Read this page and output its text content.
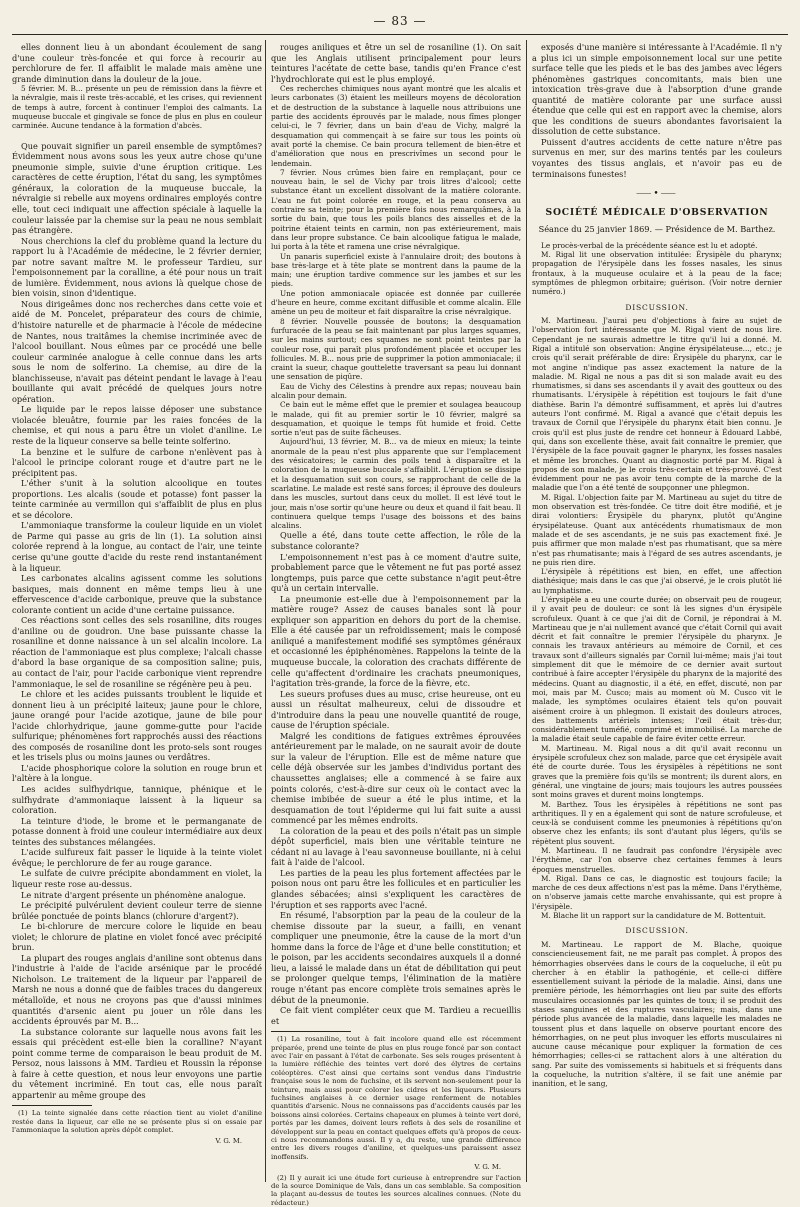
— 83 —

elles donnent lieu à un abondant écoulement de sang d'une couleur très-foncée et qui force à recourir au perchlorure de fer. Il affaiblit le malade mais amène une grande diminution dans la douleur de la joue.

5 février. M. B... présente un peu de rémission dans la fièvre et la névralgie, mais il reste très-accablé, et les crises, qui reviennent de temps à autre, forcent à continuer l'emploi des calmants. La muqueuse buccale et gingivale se fonce de plus en plus en couleur carminée. Aucune tendance à la formation d'abcès.

Que pouvait signifier un pareil ensemble de symptômes? Évidemment nous avons sous les yeux autre chose qu'une pneumonie simple, suivie d'une éruption critique. Les caractères de cette éruption, l'état du sang, les symptômes généraux, la coloration de la muqueuse buccale, la névralgie si rebelle aux moyens ordinaires employés contre elle, tout ceci indiquait une affection spéciale à laquelle la couleur laissée par la chemise sur la peau ne nous semblait pas étrangère.

Nous cherchions la clef du problème quand la lecture du rapport lu à l'Académie de médecine, le 2 février dernier, par notre savant maître M. le professeur Tardieu, sur l'empoisonnement par la coralline, a été pour nous un trait de lumière. Évidemment, nous avions là quelque chose de bien voisin, sinon d'identique.

Nous dirigeâmes donc nos recherches dans cette voie et aidé de M. Poncelet, préparateur des cours de chimie, d'histoire naturelle et de pharmacie à l'école de médecine de Nantes, nous traitâmes la chemise incriminée avec de l'alcool bouillant. Nous eûmes par ce procédé une belle couleur carminée analogue à celle connue dans les arts sous le nom de solferino. La chemise, au dire de la blanchisseuse, n'avait pas déteint pendant le lavage à l'eau bouillante qui avait précédé de quelques jours notre opération.

Le liquide par le repos laisse déposer une substance violacée bleuâtre, fournie par les raies foncées de la chemise, et qui nous a paru être un violet d'aniline. Le reste de la liqueur conserve sa belle teinte solferino.

La benzine et le sulfure de carbone n'enlèvent pas à l'alcool le principe colorant rouge et d'autre part ne le précipitent pas.

L'éther s'unit à la solution alcoolique en toutes proportions. Les alcalis (soude et potasse) font passer la teinte carminée au vermillon qui s'affaiblit de plus en plus et se décolore.

L'ammoniaque transforme la couleur liquide en un violet de Parme qui passe au gris de lin (1). La solution ainsi colorée reprend à la longue, au contact de l'air, une teinte cerise qu'une goutte d'acide du reste rend instantanément à la liqueur.

Les carbonates alcalins agissent comme les solutions basiques, mais donnent en même temps lieu à une effervescence d'acide carbonique, preuve que la substance colorante contient un acide d'une certaine puissance.

Ces réactions sont celles des sels rosaniline, dits rouges d'aniline ou de goudron. Une base puissante chasse la rosaniline et donne naissance à un sel alcalin incolore. La réaction de l'ammoniaque est plus complexe; l'alcali chasse d'abord la base organique de sa composition saline; puis, au contact de l'air, pour l'acide carbonique vient reprendre l'ammoniaque, le sel de rosaniline se régénère peu à peu.

Le chlore et les acides puissants troublent le liquide et donnent lieu à un précipité laiteux; jaune pour le chlore, jaune orangé pour l'acide azotique, jaune de bile pour l'acide chlorhydrique, jaune gomme-gutte pour l'acide sulfurique; phénomènes fort rapprochés aussi des réactions des composés de rosaniline dont les proto-sels sont rouges et les trisels plus ou moins jaunes ou verdâtres.

L'acide phosphorique colore la solution en rouge brun et l'altère à la longue.

Les acides sulfhydrique, tannique, phénique et le sulfhydrate d'ammoniaque laissent à la liqueur sa coloration.

La teinture d'iode, le brome et le permanganate de potasse donnent à froid une couleur intermédiaire aux deux teintes des substances mélangées.

L'acide sulfureux fait passer le liquide à la teinte violet évêque; le perchlorure de fer au rouge garance.

Le sulfate de cuivre précipite abondamment en violet, la liqueur reste rose au-dessus.

Le nitrate d'argent présente un phénomène analogue.

Le précipité pulvérulent devient couleur terre de sienne brûlée ponctuée de points blancs (chlorure d'argent?).

Le bi-chlorure de mercure colore le liquide en beau violet; le chlorure de platine en violet foncé avec précipité brun.

La plupart des rouges anglais d'aniline sont obtenus dans l'industrie à l'aide de l'acide arsénique par le procédé Nicholson. Le traitement de la liqueur par l'appareil de Marsh ne nous a donné que de faibles traces du dangereux métalloïde, et nous ne croyons pas que d'aussi minimes quantités d'arsenic aient pu jouer un rôle dans les accidents éprouvés par M. B...

La substance colorante sur laquelle nous avons fait les essais qui précèdent est-elle bien la coralline? N'ayant point comme terme de comparaison le beau produit de M. Persoz, nous laissons à MM. Tardieu et Roussin la réponse à faire à cette question, et nous leur envoyons une partie du vêtement incriminé. En tout cas, elle nous paraît appartenir au même groupe des

(1) La teinte signalée dans cette réaction tient au violet d'aniline restée dans la liqueur, car elle ne se présente plus si on essaie par l'ammoniaque la solution après dépôt complet.

V. G. M.

rouges aniliques et être un sel de rosaniline (1). On sait que les Anglais utilisent principalement pour leurs teintures l'acétate de cette base, tandis qu'en France c'est l'hydrochlorate qui est le plus employé.

Ces recherches chimiques nous ayant montré que les alcalis et leurs carbonates (3) étaient les meilleurs moyens de décoloration et de destruction de la substance à laquelle nous attribuions une partie des accidents éprouvés par le malade, nous fîmes plonger celui-ci, le 7 février, dans un bain d'eau de Vichy, malgré la desquamation qui commençait à se faire sur tous les points où avait porté la chemise. Ce bain procura tellement de bien-être et d'amélioration que nous en prescrivîmes un second pour le lendemain.

7 février. Nous crûmes bien faire en remplaçant, pour ce nouveau bain, le sel de Vichy par trois litres d'alcool; cette substance étant un excellent dissolvant de la matière colorante. L'eau ne fut point colorée en rouge, et la peau conserva au contraire sa teinte; pour la première fois nous remarquâmes, à la sortie du bain, que tous les poils blancs des aisselles et de la poitrine étaient teints en carmin, non pas extérieurement, mais dans leur propre substance. Ce bain alcoolique fatigua le malade, lui porta à la tête et ramena une crise névralgique.

Un panaris superficiel existe à l'annulaire droit; des boutons à base très-large et à tête plate se montrent dans la paume de la main; une éruption tardive commence sur les jambes et sur les pieds.

Une potion ammoniacale opiacée est donnée par cuillerée d'heure en heure, comme excitant diffusible et comme alcalin. Elle amène un peu de moiteur et fait disparaître la crise névralgique.

8 février. Nouvelle poussée de boutons; la desquamation furfuracée de la peau se fait maintenant par plus larges squames, sur les mains surtout; ces squames ne sont point teintes par la couleur rose, qui paraît plus profondément placée et occuper les follicules. M. B... nous prie de supprimer la potion ammoniacale; il craint la sueur, chaque gouttelette traversant sa peau lui donnant une sensation de piqûre.

Eau de Vichy des Célestins à prendre aux repas; nouveau bain alcalin pour demain.

Ce bain eut le même effet que le premier et soulagea beaucoup le malade, qui fit au premier sortir le 10 février, malgré sa desquamation, et quoique le temps fût humide et froid. Cette sortie n'eut pas de suite fâcheuses.

Aujourd'hui, 13 février, M. B... va de mieux en mieux; la teinte anormale de la peau n'est plus apparente que sur l'emplacement des vésicatoires; le carmin des poils tend à disparaître et la coloration de la muqueuse buccale s'affaiblit. L'éruption se dissipe et la desquamation suit son cours, se rapprochant de celle de la scarlatine. Le malade est resté sans forces; il éprouve des douleurs dans les muscles, surtout dans ceux du mollet. Il est lévé tout le jour, mais n'ose sortir qu'une heure ou deux et quand il fait beau. Il continuera quelque temps l'usage des boissons et des bains alcalins.

Quelle a été, dans toute cette affection, le rôle de la substance colorante?

L'empoisonnement n'est pas à ce moment d'autre suite, probablement parce que le vêtement ne fut pas porté assez longtemps, puis parce que cette substance n'agit peut-être qu'à un certain intervalle.

La pneumonie est-elle due à l'empoisonnement par la matière rouge? Assez de causes banales sont là pour expliquer son apparition en dehors du port de la chemise. Elle a été causée par un refroidissement; mais le composé aniliqué a manifestement modifié ses symptômes généraux et occasionné les épiphénomènes. Rappelons la teinte de la muqueuse buccale, la coloration des crachats différente de celle qu'affectent d'ordinaire les crachats pneumoniques, l'agitation très-grande, la force de la fièvre, etc.

Les sueurs profuses dues au musc, crise heureuse, ont eu aussi un résultat malheureux, celui de dissoudre et d'introduire dans la peau une nouvelle quantité de rouge, cause de l'éruption spéciale.

Malgré les conditions de fatigues extrêmes éprouvées antérieurement par le malade, on ne saurait avoir de doute sur la valeur de l'éruption. Elle est de même nature que celle déjà observée sur les jambes d'individus portant des chaussettes anglaises; elle a commencé à se faire aux points colorés, c'est-à-dire sur ceux où le contact avec la chemise imbibée de sueur a été le plus intime, et la desquamation de tout l'épiderme qui lui fait suite a aussi commencé par les mêmes endroits.

La coloration de la peau et des poils n'était pas un simple dépôt superficiel, mais bien une véritable teinture ne cédant ni au lavage à l'eau savonneuse bouillante, ni à celui fait à l'aide de l'alcool.

Les parties de la peau les plus fortement affectées par le poison nous ont paru être les follicules et en particulier les glandes sébacées; ainsi s'expliquent les caractères de l'éruption et ses rapports avec l'acné.

En résumé, l'absorption par la peau de la couleur de la chemise dissoute par la sueur, a failli, en venant compliquer une pneumonie, être la cause de la mort d'un homme dans la force de l'âge et d'une belle constitution; et le poison, par les accidents secondaires auxquels il a donné lieu, a laissé le malade dans un état de débilitation qui peut se prolonger quelque temps, l'élimination de la matière rouge n'étant pas encore complète trois semaines après le début de la pneumonie.

Ce fait vient compléter ceux que M. Tardieu a recueillis et

(1) La rosaniline, tout à fait incolore quand elle est récemment préparée, prend une teinte de plus en plus rouge foncé par son contact avec l'air en passant à l'état de carbonate. Ses sels rouges présentent à la lumière réfléchie des teintes vert doré des élytres de certains coléoptères. C'est ainsi que certains sont vendus dans l'industrie française sous le nom de fuchsine, et ils servent non-seulement pour la teinture, mais aussi pour colorer les cidres et les liqueurs. Plusieurs fuchsines anglaises à ce dernier usage renferment de notables quantités d'arsenic. Nous ne connaissons pas d'accidents causés par les boissons ainsi colorées. Certains chapeaux en plumes à teinte vert doré, portés par les dames, doivent leurs reflets à des sels de rosaniline et développent sur la peau en contact quelques effets qu'à propos de ceux-ci nous recommandons aussi. Il y a, du reste, une grande différence entre les divers rouges d'aniline, et quelques-uns paraissent assez inoffensifs.

V. G. M.

(2) Il y aurait ici une étude fort curieuse à entreprendre sur l'action de la source Dominique de Vals, dans un cas semblable. Sa composition la plaçant au-dessus de toutes les sources alcalines connues. (Note du rédacteur.)

exposés d'une manière si intéressante à l'Académie. Il n'y a plus ici un simple empoisonnement local sur une petite surface telle que les pieds et le bas des jambes avec légers phénomènes gastriques concomitants, mais bien une intoxication très-grave due à l'absorption d'une grande quantité de matière colorante par une surface aussi étendue que celle qui est en rapport avec la chemise, alors que les conditions de sueurs abondantes favorisaient la dissolution de cette substance.

Puissent d'autres accidents de cette nature n'être pas survenus en mer, sur des marins tentés par les couleurs voyantes des tissus anglais, et n'avoir pas eu de terminaisons funestes!

⸺•⸺
SOCIÉTÉ MÉDICALE D'OBSERVATION
Séance du 25 janvier 1869. — Présidence de M. Barthez.

Le procès-verbal de la précédente séance est lu et adopté.

M. Rigal lit une observation intitulée: Érysipèle du pharynx; propagation de l'érysipèle dans les fosses nasales, les sinus frontaux, à la muqueuse oculaire et à la peau de la face; symptômes de phlegmon orbitaire; guérison. (Voir notre dernier numéro.)

DISCUSSION.

M. Martineau. J'aurai peu d'objections à faire au sujet de l'observation fort intéressante que M. Rigal vient de nous lire. Cependant je ne saurais admettre le titre qu'il lui a donné. M. Rigal a intitulé son observation: Angine érysipélateuse..., etc.; je crois qu'il serait préférable de dire: Érysipèle du pharynx, car le mot angine n'indique pas assez exactement la nature de la maladie. M. Rigal ne nous a pas dit si son malade avait eu des rhumatismes, si dans ses ascendants il y avait des goutteux ou des rhumatisants. L'érysipèle à répétition est toujours le fait d'une diathèse. Barin l'a démontré suffisamment, et après lui d'autres auteurs l'ont confirmé. M. Rigal a avancé que c'était depuis les travaux de Cornil que l'érysipèle du pharynx était bien connu. Je crois qu'il est plus juste de rendre cet honneur à Édouard Labbé, qui, dans son excellente thèse, avait fait connaître le premier, que l'érysipèle de la face pouvait gagner le pharynx, les fosses nasales et même les bronches. Quant au diagnostic porté par M. Rigal à propos de son malade, je le crois très-certain et très-prouvé. C'est évidemment pour ne pas avoir tenu compte de la marche de la maladie que l'on a été tenté de soupçonner une phlegmon.

M. Rigal. L'objection faite par M. Martineau au sujet du titre de mon observation est très-fondée. Ce titre doit être modifié, et je dirai volontiers: Érysipèle du pharynx, plutôt qu'Angine érysipélateuse. Quant aux antécédents rhumatismaux de mon malade et de ses ascendants, je ne suis pas exactement fixé. Je puis affirmer que mon malade n'est pas rhumatisant, que sa mère n'est pas rhumatisante; mais à l'égard de ses autres ascendants, je ne puis rien dire.

L'érysipèle à répétitions est bien, en effet, une affection diathésique; mais dans le cas que j'ai observé, je le crois plutôt lié au lymphatisme.

L'érysipèle a eu une courte durée; on observait peu de rougeur, il y avait peu de douleur: ce sont là les signes d'un érysipèle scrofuleux. Quant à ce que j'ai dit de Cornil, je répondrai à M. Martineau que je n'ai nullement avancé que c'était Cornil qui avait décrit et fait connaître le premier l'érysipèle du pharynx. Je connais les travaux antérieurs au mémoire de Cornil, et ces travaux sont d'ailleurs signalés par Cornil lui-même; mais j'ai tout simplement dit que le mémoire de ce dernier avait surtout contribué à faire accepter l'érysipèle du pharynx de la majorité des médecins. Quant au diagnostic, il a été, en effet, discuté, non par moi, mais par M. Cusco; mais au moment où M. Cusco vit le malade, les symptômes oculaires étaient tels qu'on pouvait aisément croire à un phlegmon. Il existait des douleurs atroces, des battements artériels intenses; l'œil était très-dur, considérablement tuméfié, comprimé et immobilisé. La marche de la maladie était seule capable de faire éviter cette erreur.

M. Martineau. M. Rigal nous a dit qu'il avait reconnu un érysipèle scrofuleux chez son malade, parce que cet érysipèle avait été de courte durée. Tous les érysipèles à répétitions ne sont graves que la première fois qu'ils se montrent; ils durent alors, en général, une vingtaine de jours; mais toujours les autres poussées sont moins graves et durent moins longtemps.

M. Barthez. Tous les érysipèles à répétitions ne sont pas arthritiques. Il y en a également qui sont de nature scrofuleuse, et ceux-là se conduisent comme les pneumonies à répétitions qu'on observe chez les enfants; ils sont d'autant plus légers, qu'ils se répètent plus souvent.

M. Martineau. Il ne faudrait pas confondre l'érysipèle avec l'érythème, car l'on observe chez certaines femmes à leurs époques menstruelles.

M. Rigal. Dans ce cas, le diagnostic est toujours facile; la marche de ces deux affections n'est pas la même. Dans l'érythème, on n'observe jamais cette marche envahissante, qui est propre à l'érysipèle.

M. Blache lit un rapport sur la candidature de M. Bottentuit.

DISCUSSION.

M. Martineau. Le rapport de M. Blache, quoique consciencieusement fait, ne me paraît pas complet. À propos des hémorrhagies observées dans le cours de la coqueluche, il eût pu chercher à en établir la pathogénie, et celle-ci diffère essentiellement suivant la période de la maladie. Ainsi, dans une première période, les hémorrhagies ont lieu par suite des efforts musculaires occasionnés par les quintes de toux; il se produit des stases sanguines et des ruptures vasculaires; mais, dans une période plus avancée de la maladie, dans laquelle les malades ne toussent plus et dans laquelle on observe pourtant encore des hémorrhagies, on ne peut plus invoquer les efforts musculaires ni aucune cause mécanique pour expliquer la formation de ces hémorrhagies; celles-ci se rattachent alors à une altération du sang. Par suite des vomissements si habituels et si fréquents dans la coqueluche, la nutrition s'altère, il se fait une anémie par inanition, et le sang,
